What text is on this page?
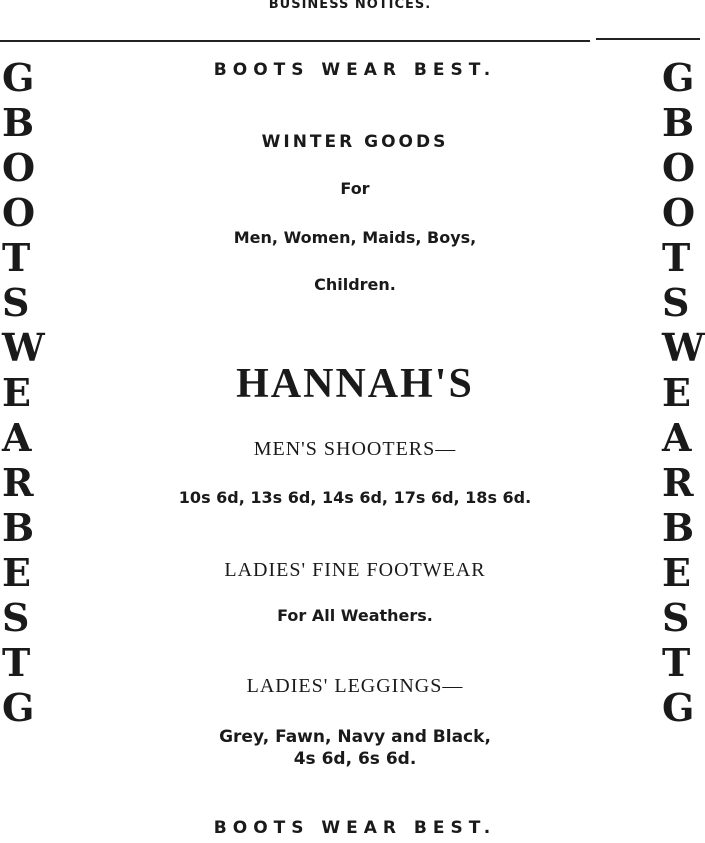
BUSINESS NOTICES.
G
B
O
O
T
S
W
E
A
R
B
E
S
T
G
G
B
O
O
T
S
W
E
A
R
B
E
S
T
G
BOOTS WEAR BEST.
WINTER GOODS
For
Men, Women, Maids, Boys,
Children.
HANNAH'S
MEN'S SHOOTERS—
10s 6d, 13s 6d, 14s 6d, 17s 6d, 18s 6d.
LADIES' FINE FOOTWEAR
For All Weathers.
LADIES' LEGGINGS—
Grey, Fawn, Navy and Black,
4s 6d, 6s 6d.
BOOTS WEAR BEST.
